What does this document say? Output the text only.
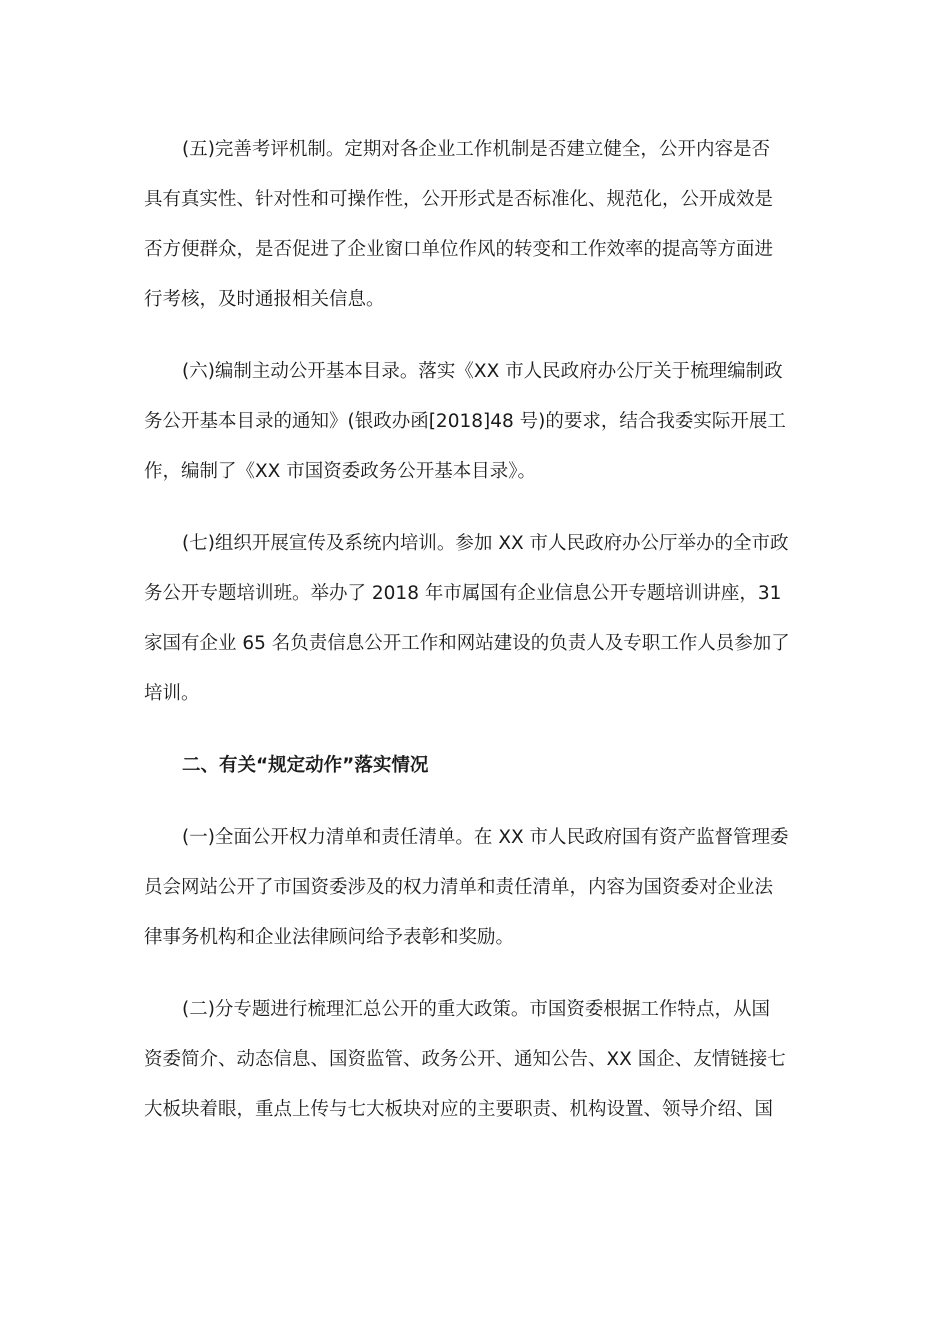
(五)完善考评机制。定期对各企业工作机制是否建立健全，公开内容是否
具有真实性、针对性和可操作性，公开形式是否标准化、规范化，公开成效是
否方便群众，是否促进了企业窗口单位作风的转变和工作效率的提高等方面进
行考核，及时通报相关信息。
(六)编制主动公开基本目录。落实《XX 市人民政府办公厅关于梳理编制政
务公开基本目录的通知》(银政办函[2018]48 号)的要求，结合我委实际开展工
作，编制了《XX 市国资委政务公开基本目录》。
(七)组织开展宣传及系统内培训。参加 XX 市人民政府办公厅举办的全市政
务公开专题培训班。举办了 2018 年市属国有企业信息公开专题培训讲座，31
家国有企业 65 名负责信息公开工作和网站建设的负责人及专职工作人员参加了
培训。
二、有关“规定动作”落实情况
(一)全面公开权力清单和责任清单。在 XX 市人民政府国有资产监督管理委
员会网站公开了市国资委涉及的权力清单和责任清单，内容为国资委对企业法
律事务机构和企业法律顾问给予表彰和奖励。
(二)分专题进行梳理汇总公开的重大政策。市国资委根据工作特点，从国
资委简介、动态信息、国资监管、政务公开、通知公告、XX 国企、友情链接七
大板块着眼，重点上传与七大板块对应的主要职责、机构设置、领导介绍、国
